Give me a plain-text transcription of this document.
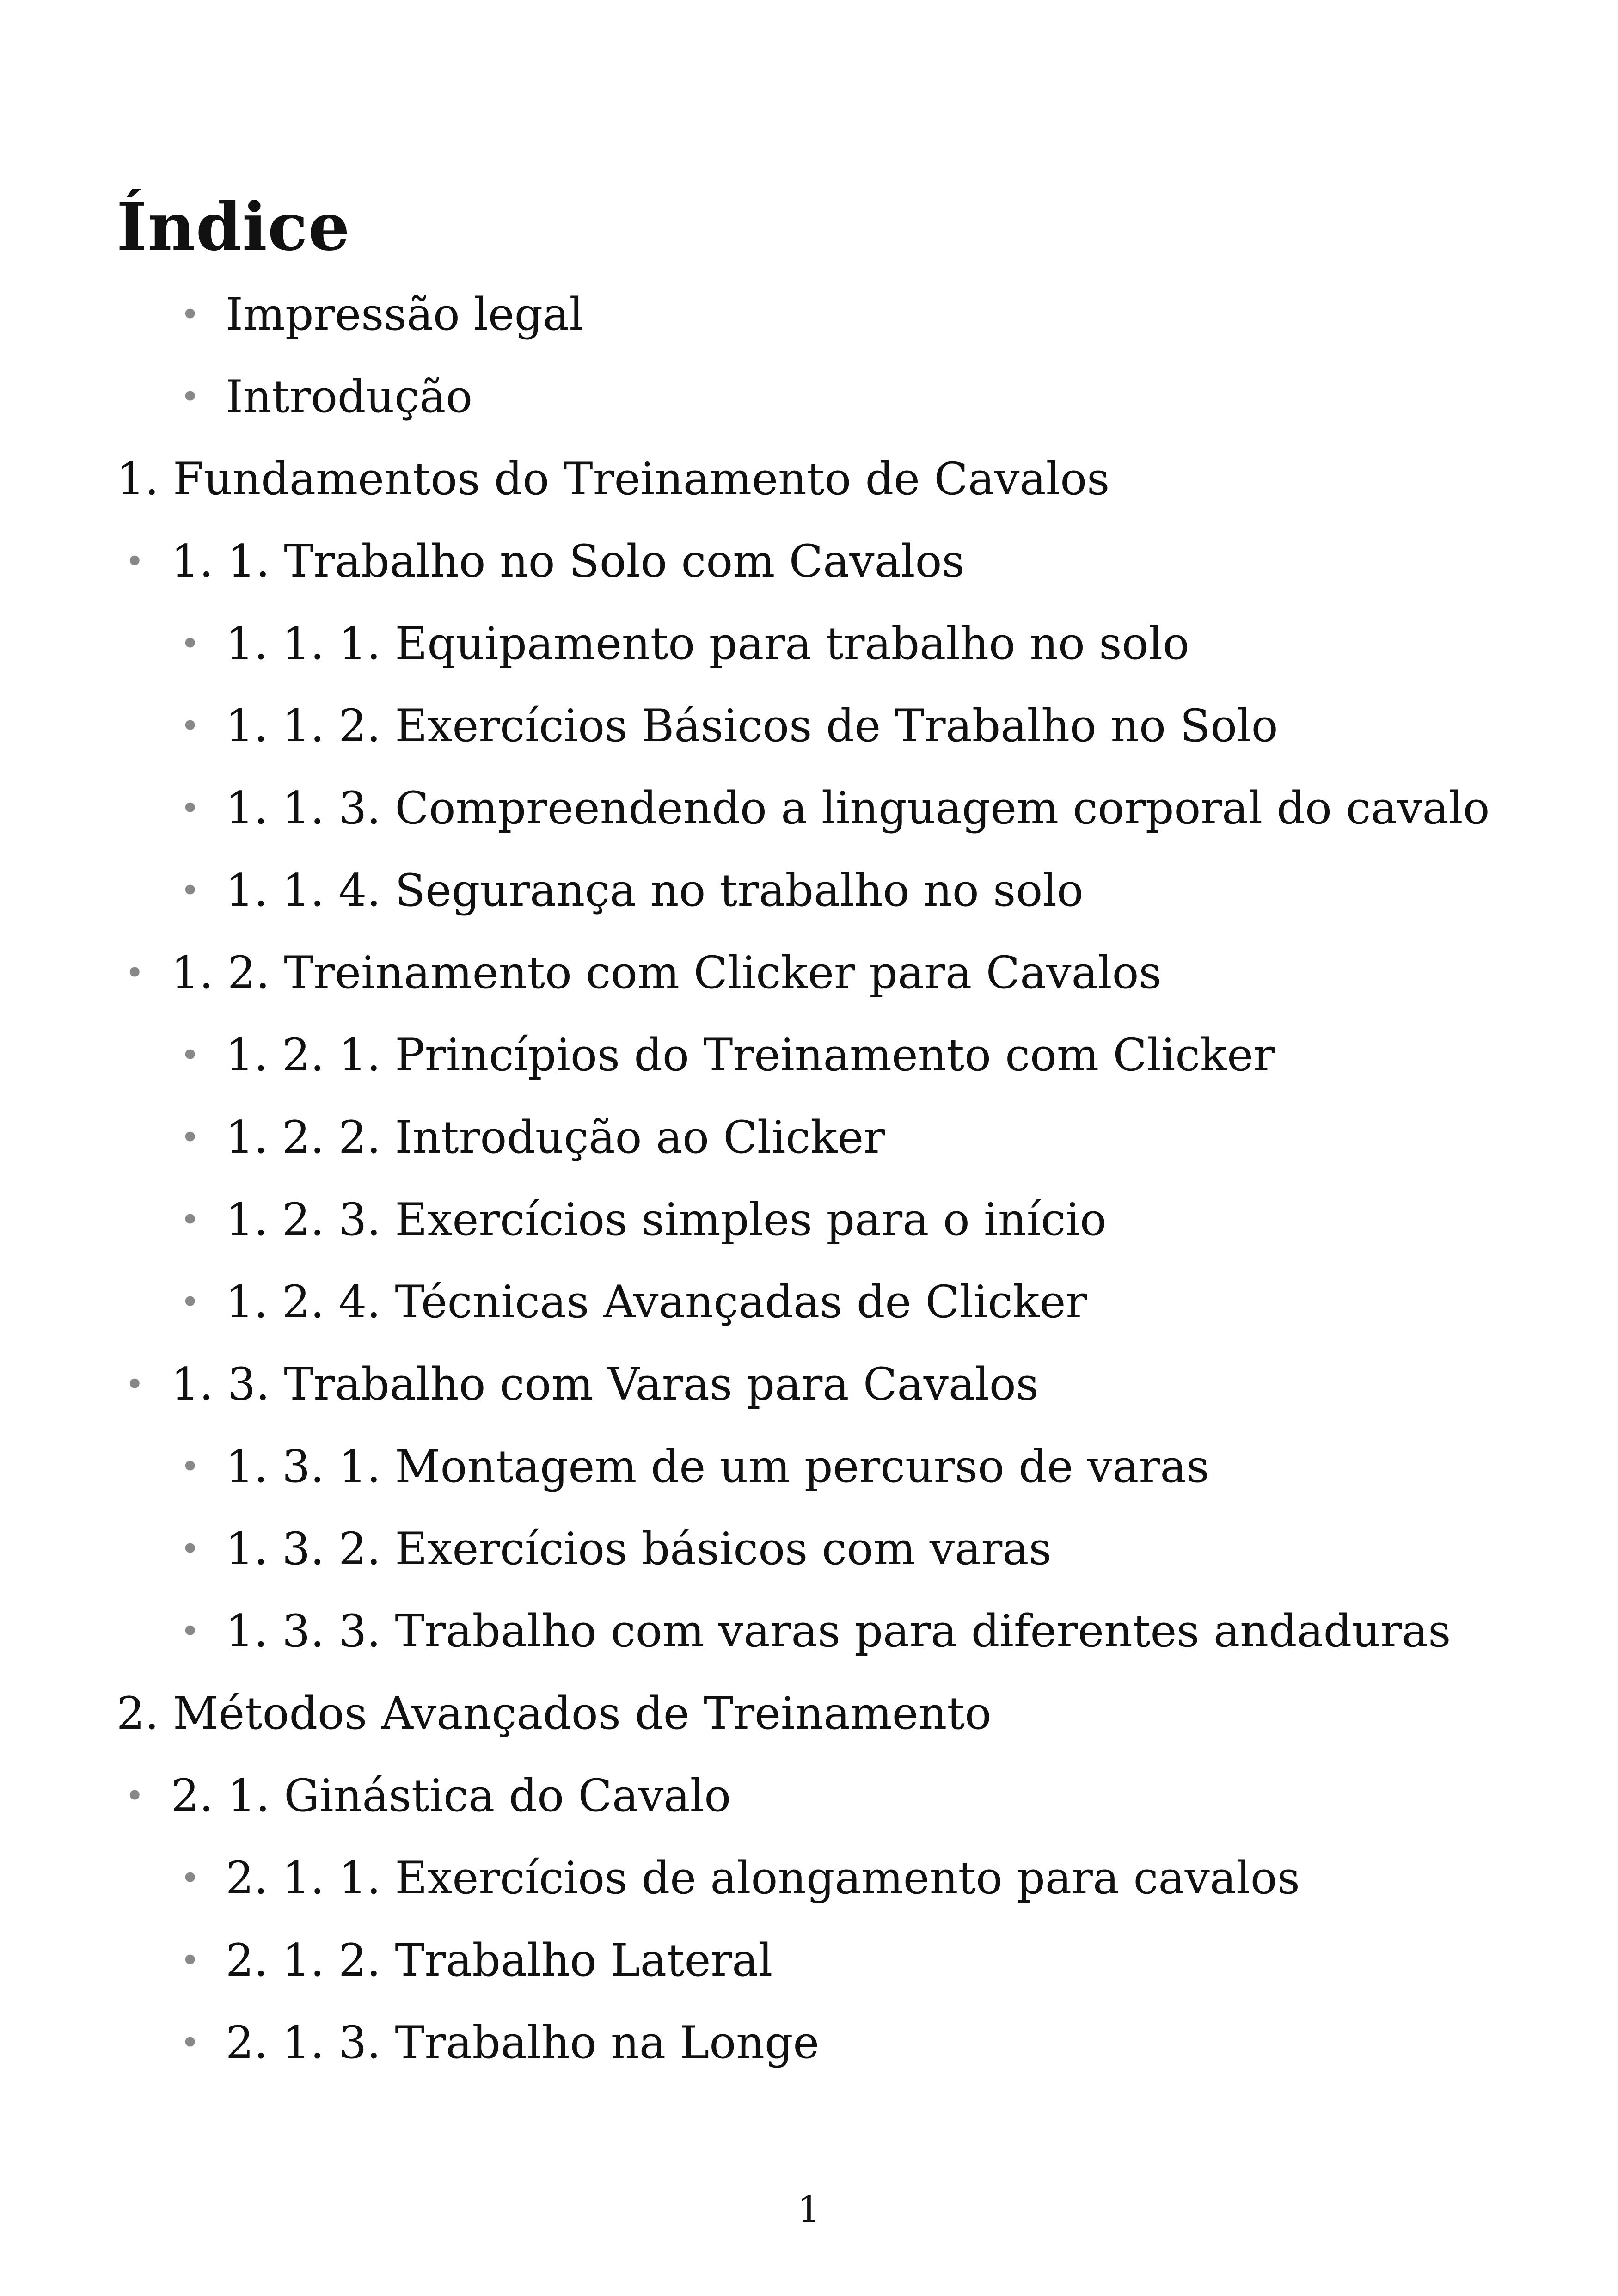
Índice
• Impressão legal
• Introdução
1. Fundamentos do Treinamento de Cavalos
• 1. 1. Trabalho no Solo com Cavalos
• 1. 1. 1. Equipamento para trabalho no solo
• 1. 1. 2. Exercícios Básicos de Trabalho no Solo
• 1. 1. 3. Compreendendo a linguagem corporal do cavalo
• 1. 1. 4. Segurança no trabalho no solo
• 1. 2. Treinamento com Clicker para Cavalos
• 1. 2. 1. Princípios do Treinamento com Clicker
• 1. 2. 2. Introdução ao Clicker
• 1. 2. 3. Exercícios simples para o início
• 1. 2. 4. Técnicas Avançadas de Clicker
• 1. 3. Trabalho com Varas para Cavalos
• 1. 3. 1. Montagem de um percurso de varas
• 1. 3. 2. Exercícios básicos com varas
• 1. 3. 3. Trabalho com varas para diferentes andaduras
2. Métodos Avançados de Treinamento
• 2. 1. Ginástica do Cavalo
• 2. 1. 1. Exercícios de alongamento para cavalos
• 2. 1. 2. Trabalho Lateral
• 2. 1. 3. Trabalho na Longe
1
